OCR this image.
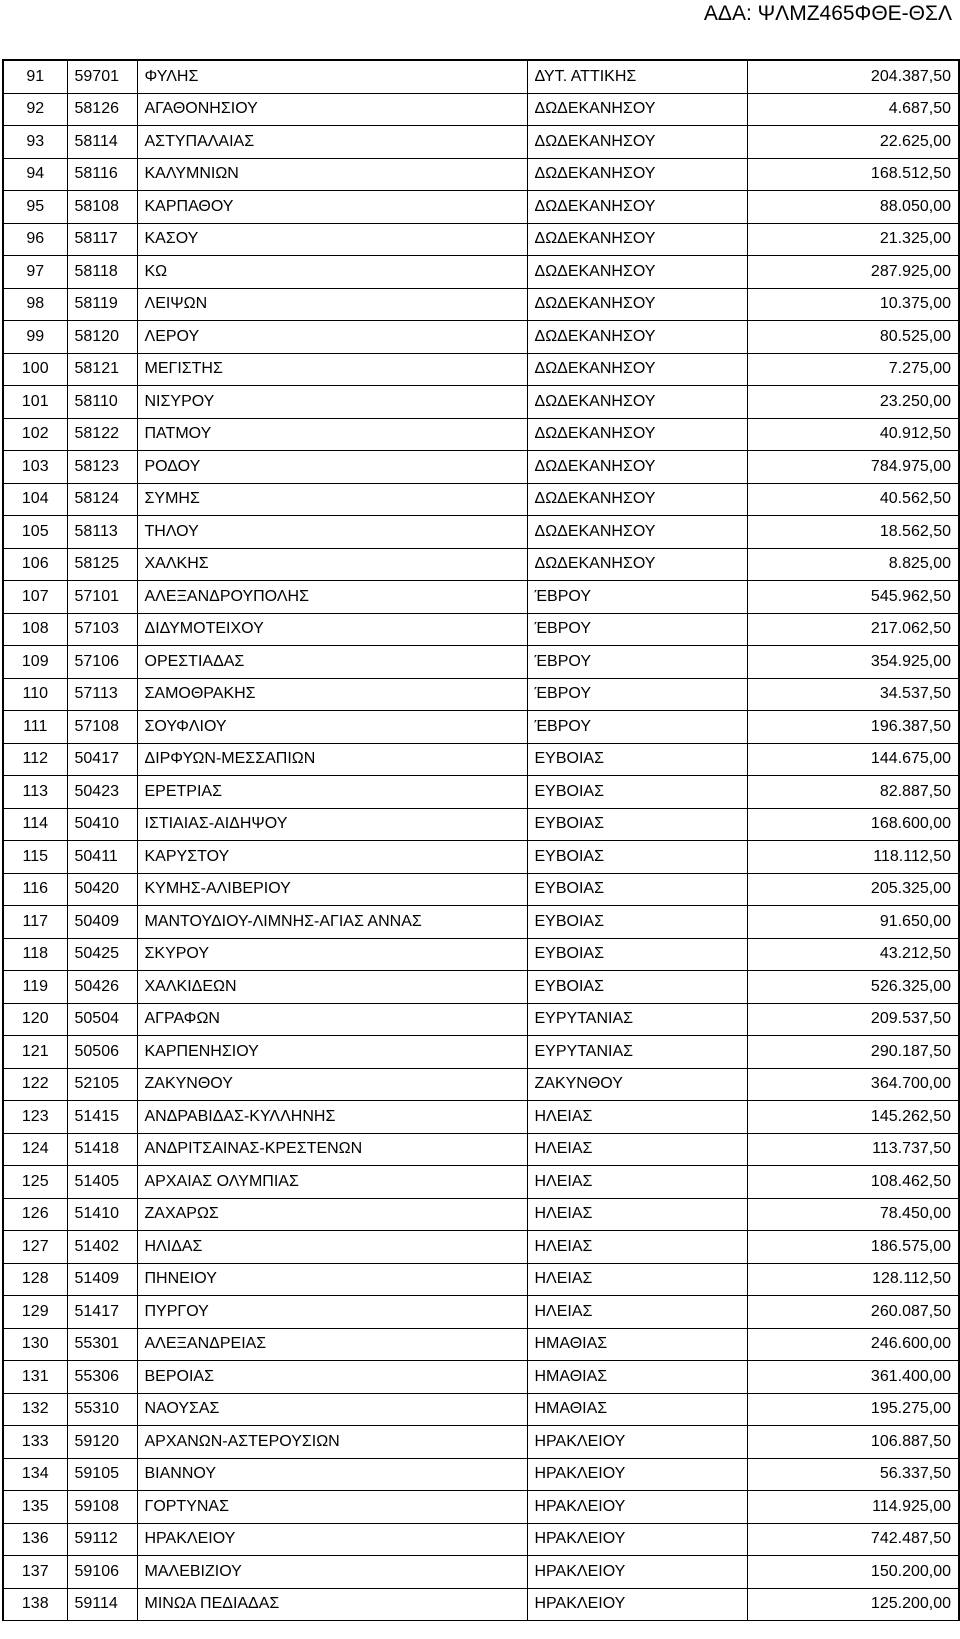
ΑΔΑ: ΨΛΜΖ465ΦΘΕ-ΘΣΛ
91	59701	ΦΥΛΗΣ	ΔΥΤ. ΑΤΤΙΚΗΣ	204.387,50
92	58126	ΑΓΑΘΟΝΗΣΙΟΥ	ΔΩΔΕΚΑΝΗΣΟΥ	4.687,50
93	58114	ΑΣΤΥΠΑΛΑΙΑΣ	ΔΩΔΕΚΑΝΗΣΟΥ	22.625,00
94	58116	ΚΑΛΥΜΝΙΩΝ	ΔΩΔΕΚΑΝΗΣΟΥ	168.512,50
95	58108	ΚΑΡΠΑΘΟΥ	ΔΩΔΕΚΑΝΗΣΟΥ	88.050,00
96	58117	ΚΑΣΟΥ	ΔΩΔΕΚΑΝΗΣΟΥ	21.325,00
97	58118	ΚΩ	ΔΩΔΕΚΑΝΗΣΟΥ	287.925,00
98	58119	ΛΕΙΨΩΝ	ΔΩΔΕΚΑΝΗΣΟΥ	10.375,00
99	58120	ΛΕΡΟΥ	ΔΩΔΕΚΑΝΗΣΟΥ	80.525,00
100	58121	ΜΕΓΙΣΤΗΣ	ΔΩΔΕΚΑΝΗΣΟΥ	7.275,00
101	58110	ΝΙΣΥΡΟΥ	ΔΩΔΕΚΑΝΗΣΟΥ	23.250,00
102	58122	ΠΑΤΜΟΥ	ΔΩΔΕΚΑΝΗΣΟΥ	40.912,50
103	58123	ΡΟΔΟΥ	ΔΩΔΕΚΑΝΗΣΟΥ	784.975,00
104	58124	ΣΥΜΗΣ	ΔΩΔΕΚΑΝΗΣΟΥ	40.562,50
105	58113	ΤΗΛΟΥ	ΔΩΔΕΚΑΝΗΣΟΥ	18.562,50
106	58125	ΧΑΛΚΗΣ	ΔΩΔΕΚΑΝΗΣΟΥ	8.825,00
107	57101	ΑΛΕΞΑΝΔΡΟΥΠΟΛΗΣ	ΈΒΡΟΥ	545.962,50
108	57103	ΔΙΔΥΜΟΤΕΙΧΟΥ	ΈΒΡΟΥ	217.062,50
109	57106	ΟΡΕΣΤΙΑΔΑΣ	ΈΒΡΟΥ	354.925,00
110	57113	ΣΑΜΟΘΡΑΚΗΣ	ΈΒΡΟΥ	34.537,50
111	57108	ΣΟΥΦΛΙΟΥ	ΈΒΡΟΥ	196.387,50
112	50417	ΔΙΡΦΥΩΝ-ΜΕΣΣΑΠΙΩΝ	ΕΥΒΟΙΑΣ	144.675,00
113	50423	ΕΡΕΤΡΙΑΣ	ΕΥΒΟΙΑΣ	82.887,50
114	50410	ΙΣΤΙΑΙΑΣ-ΑΙΔΗΨΟΥ	ΕΥΒΟΙΑΣ	168.600,00
115	50411	ΚΑΡΥΣΤΟΥ	ΕΥΒΟΙΑΣ	118.112,50
116	50420	ΚΥΜΗΣ-ΑΛΙΒΕΡΙΟΥ	ΕΥΒΟΙΑΣ	205.325,00
117	50409	ΜΑΝΤΟΥΔΙΟΥ-ΛΙΜΝΗΣ-ΑΓΙΑΣ ΑΝΝΑΣ	ΕΥΒΟΙΑΣ	91.650,00
118	50425	ΣΚΥΡΟΥ	ΕΥΒΟΙΑΣ	43.212,50
119	50426	ΧΑΛΚΙΔΕΩΝ	ΕΥΒΟΙΑΣ	526.325,00
120	50504	ΑΓΡΑΦΩΝ	ΕΥΡΥΤΑΝΙΑΣ	209.537,50
121	50506	ΚΑΡΠΕΝΗΣΙΟΥ	ΕΥΡΥΤΑΝΙΑΣ	290.187,50
122	52105	ΖΑΚΥΝΘΟΥ	ΖΑΚΥΝΘΟΥ	364.700,00
123	51415	ΑΝΔΡΑΒΙΔΑΣ-ΚΥΛΛΗΝΗΣ	ΗΛΕΙΑΣ	145.262,50
124	51418	ΑΝΔΡΙΤΣΑΙΝΑΣ-ΚΡΕΣΤΕΝΩΝ	ΗΛΕΙΑΣ	113.737,50
125	51405	ΑΡΧΑΙΑΣ ΟΛΥΜΠΙΑΣ	ΗΛΕΙΑΣ	108.462,50
126	51410	ΖΑΧΑΡΩΣ	ΗΛΕΙΑΣ	78.450,00
127	51402	ΗΛΙΔΑΣ	ΗΛΕΙΑΣ	186.575,00
128	51409	ΠΗΝΕΙΟΥ	ΗΛΕΙΑΣ	128.112,50
129	51417	ΠΥΡΓΟΥ	ΗΛΕΙΑΣ	260.087,50
130	55301	ΑΛΕΞΑΝΔΡΕΙΑΣ	ΗΜΑΘΙΑΣ	246.600,00
131	55306	ΒΕΡΟΙΑΣ	ΗΜΑΘΙΑΣ	361.400,00
132	55310	ΝΑΟΥΣΑΣ	ΗΜΑΘΙΑΣ	195.275,00
133	59120	ΑΡΧΑΝΩΝ-ΑΣΤΕΡΟΥΣΙΩΝ	ΗΡΑΚΛΕΙΟΥ	106.887,50
134	59105	ΒΙΑΝΝΟΥ	ΗΡΑΚΛΕΙΟΥ	56.337,50
135	59108	ΓΟΡΤΥΝΑΣ	ΗΡΑΚΛΕΙΟΥ	114.925,00
136	59112	ΗΡΑΚΛΕΙΟΥ	ΗΡΑΚΛΕΙΟΥ	742.487,50
137	59106	ΜΑΛΕΒΙΖΙΟΥ	ΗΡΑΚΛΕΙΟΥ	150.200,00
138	59114	ΜΙΝΩΑ ΠΕΔΙΑΔΑΣ	ΗΡΑΚΛΕΙΟΥ	125.200,00
